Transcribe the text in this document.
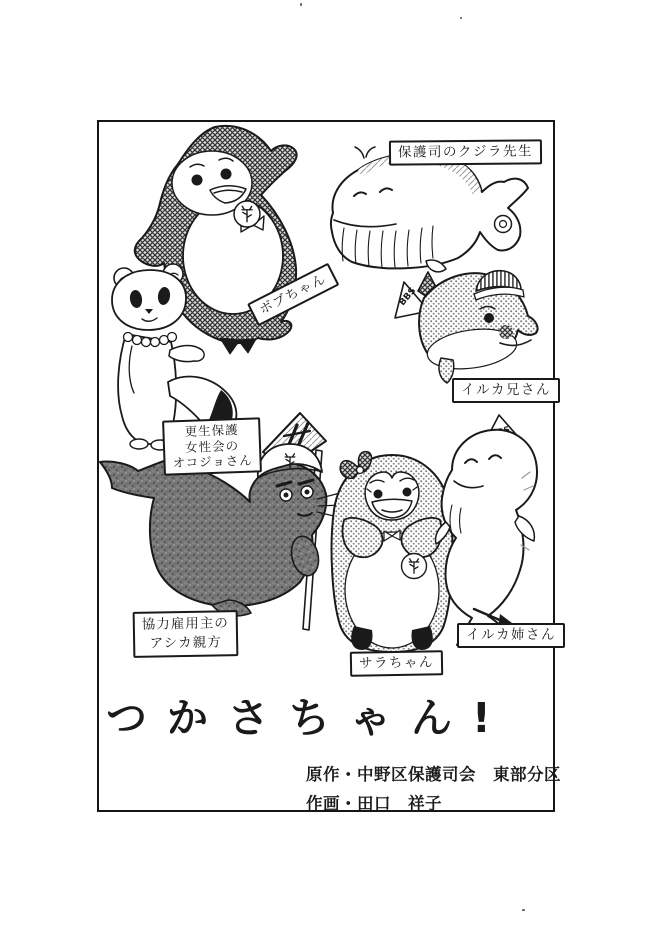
BBS
保護司のクジラ先生
ボブちゃん
イルカ兄さん
更生保護
女性会の
オコジョさん
協力雇用主の
アシカ親方
サラちゃん
イルカ姉さん
つかさちゃん!
原作・中野区保護司会　東部分区
作画・田口　祥子
